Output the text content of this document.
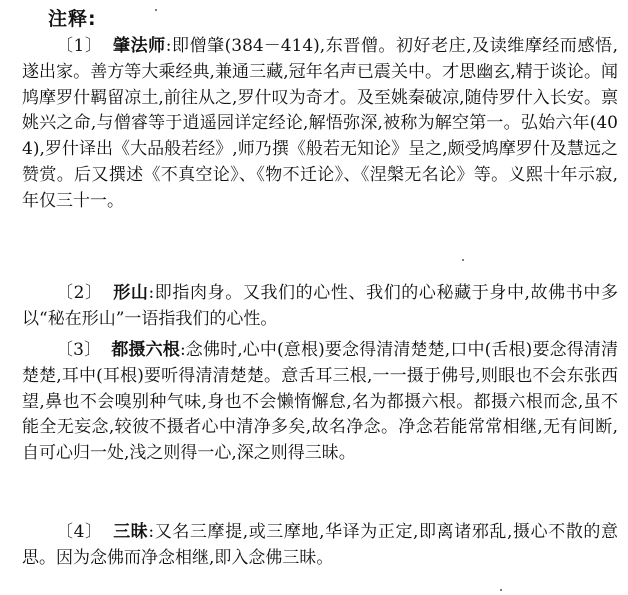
注释:

〔1〕 肇法师:即僧肇(384－414),东晋僧。初好老庄,及读维摩经而感悟,遂出家。善方等大乘经典,兼通三藏,冠年名声已震关中。才思幽玄,精于谈论。闻鸠摩罗什羁留凉土,前往从之,罗什叹为奇才。及至姚秦破凉,随侍罗什入长安。禀姚兴之命,与僧睿等于逍遥园详定经论,解悟弥深,被称为解空第一。弘始六年(404),罗什译出《大品般若经》,师乃撰《般若无知论》呈之,颇受鸠摩罗什及慧远之赞赏。后又撰述《不真空论》、《物不迁论》、《涅槃无名论》等。义熙十年示寂,年仅三十一。

〔2〕 形山:即指肉身。又我们的心性、我们的心秘藏于身中,故佛书中多以“秘在形山”一语指我们的心性。

〔3〕 都摄六根:念佛时,心中(意根)要念得清清楚楚,口中(舌根)要念得清清楚楚,耳中(耳根)要听得清清楚楚。意舌耳三根,一一摄于佛号,则眼也不会东张西望,鼻也不会嗅别种气味,身也不会懒惰懈怠,名为都摄六根。都摄六根而念,虽不能全无妄念,较彼不摄者心中清净多矣,故名净念。净念若能常常相继,无有间断,自可心归一处,浅之则得一心,深之则得三昧。

〔4〕 三昧:又名三摩提,或三摩地,华译为正定,即离诸邪乱,摄心不散的意思。因为念佛而净念相继,即入念佛三昧。
